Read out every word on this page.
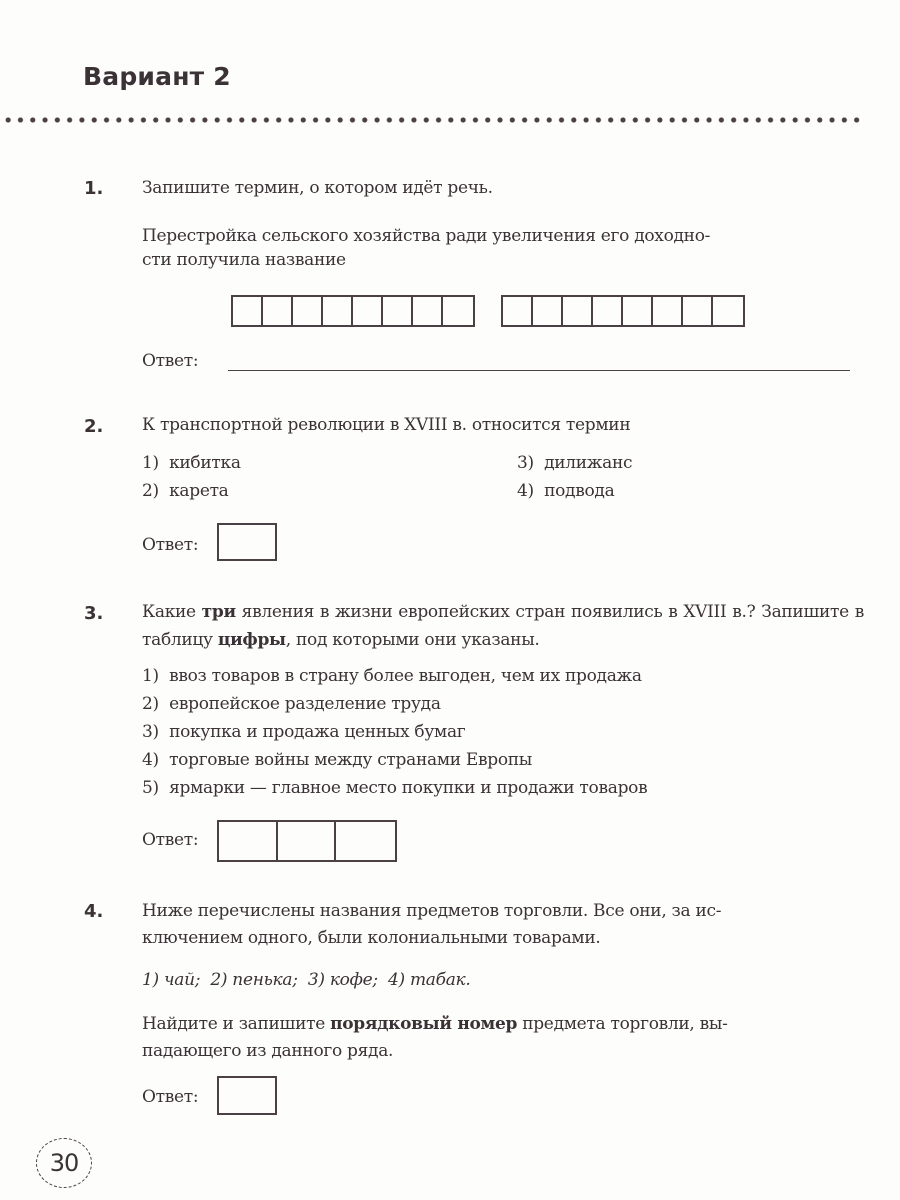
Вариант 2
1. Запишите термин, о котором идёт речь.
Перестройка сельского хозяйства ради увеличения его доходно-
сти получила название
Ответ:
2. К транспортной революции в XVIII в. относится термин
1) кибитка
2) карета
3) дилижанс
4) подвода
Ответ:
3. Какие три явления в жизни европейских стран появились в XVIII в.? Запишите в таблицу цифры, под которыми они указаны.
1) ввоз товаров в страну более выгоден, чем их продажа
2) европейское разделение труда
3) покупка и продажа ценных бумаг
4) торговые войны между странами Европы
5) ярмарки — главное место покупки и продажи товаров
Ответ:
4. Ниже перечислены названия предметов торговли. Все они, за ис-
ключением одного, были колониальными товарами.
1) чай;  2) пенька;  3) кофе;  4) табак.
Найдите и запишите порядковый номер предмета торговли, вы-
падающего из данного ряда.
Ответ:
30
